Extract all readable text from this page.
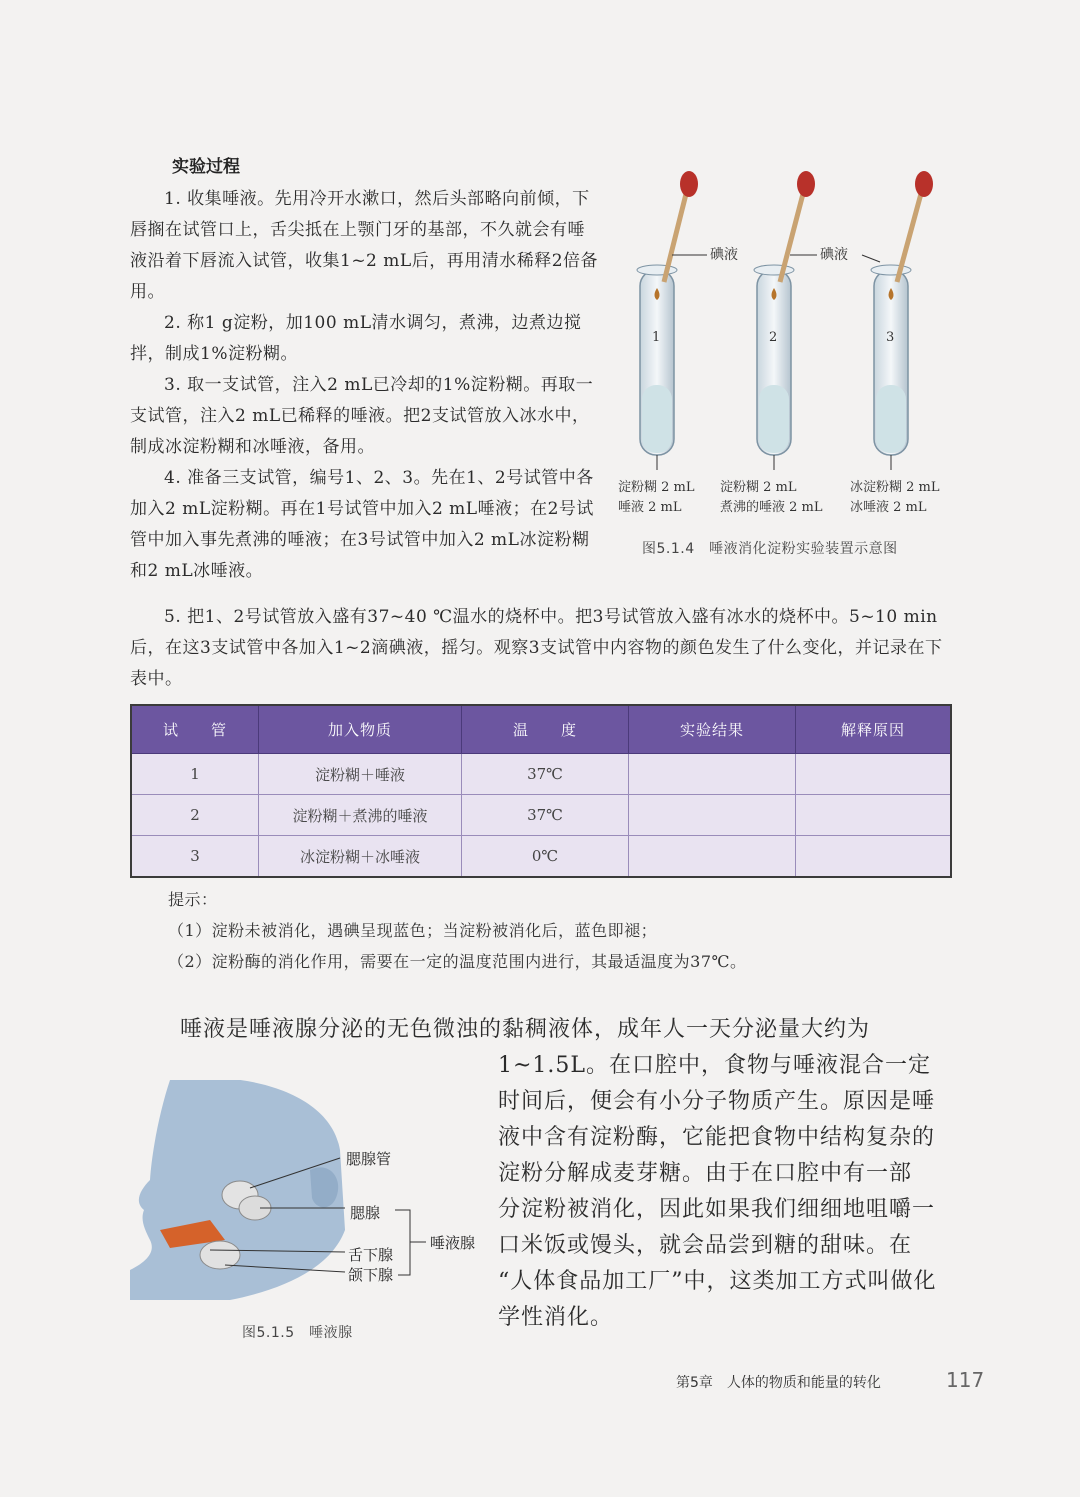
实验过程

1. 收集唾液。先用冷开水漱口，然后头部略向前倾，下唇搁在试管口上，舌尖抵在上颚门牙的基部，不久就会有唾液沿着下唇流入试管，收集1~2 mL后，再用清水稀释2倍备用。

2. 称1 g淀粉，加100 mL清水调匀，煮沸，边煮边搅拌，制成1%淀粉糊。

3. 取一支试管，注入2 mL已冷却的1%淀粉糊。再取一支试管，注入2 mL已稀释的唾液。把2支试管放入冰水中，制成冰淀粉糊和冰唾液，备用。

4. 准备三支试管，编号1、2、3。先在1、2号试管中各加入2 mL淀粉糊。再在1号试管中加入2 mL唾液；在2号试管中加入事先煮沸的唾液；在3号试管中加入2 mL冰淀粉糊和2 mL冰唾液。

5. 把1、2号试管放入盛有37~40 ℃温水的烧杯中。把3号试管放入盛有冰水的烧杯中。5~10 min后，在这3支试管中各加入1~2滴碘液，摇匀。观察3支试管中内容物的颜色发生了什么变化，并记录在下表中。

碘液	碘液
1	2	3
淀粉糊 2 mL
唾液 2 mL
淀粉糊 2 mL
煮沸的唾液 2 mL
冰淀粉糊 2 mL
冰唾液 2 mL
图5.1.4　唾液消化淀粉实验装置示意图
试　　管	加入物质	温　　度	实验结果	解释原因
1	淀粉糊＋唾液	37℃		
2	淀粉糊＋煮沸的唾液	37℃		
3	冰淀粉糊＋冰唾液	0℃		
提示：
（1）淀粉未被消化，遇碘呈现蓝色；当淀粉被消化后，蓝色即褪；
（2）淀粉酶的消化作用，需要在一定的温度范围内进行，其最适温度为37℃。
唾液是唾液腺分泌的无色微浊的黏稠液体，成年人一天分泌量大约为
1~1.5L。在口腔中，食物与唾液混合一定
时间后，便会有小分子物质产生。原因是唾
液中含有淀粉酶，它能把食物中结构复杂的
淀粉分解成麦芽糖。由于在口腔中有一部
分淀粉被消化，因此如果我们细细地咀嚼一
口米饭或馒头，就会品尝到糖的甜味。在
“人体食品加工厂”中，这类加工方式叫做化
学性消化。
腮腺管
腮腺
舌下腺
颌下腺
唾液腺
图5.1.5　唾液腺
第5章　人体的物质和能量的转化	117
